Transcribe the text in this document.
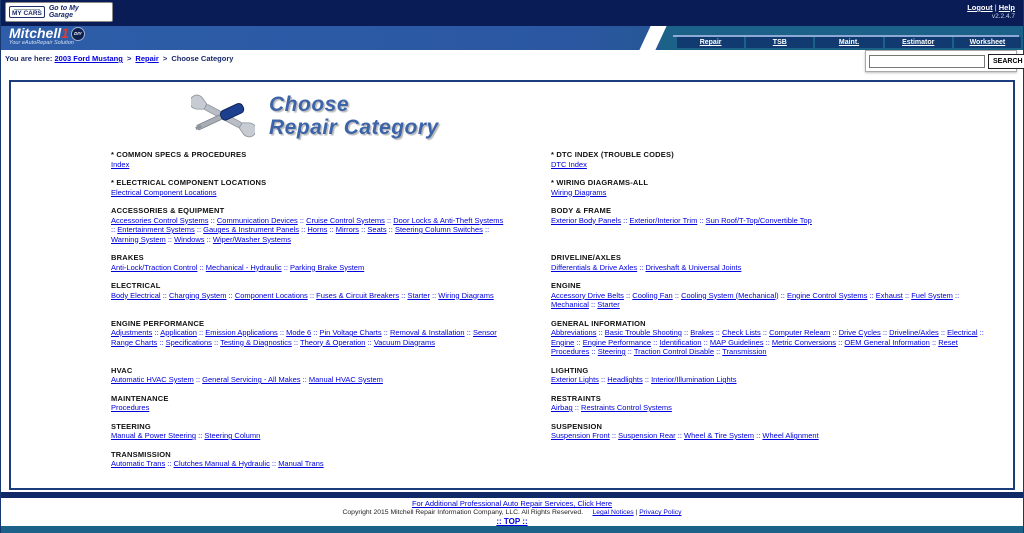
MY CARS
Go to My Garage
Logout | Help
v2.2.4.7
Mitchell1 DIY
Your eAutoRepair Solution	Repair	TSB	Maint.	Estimator	Worksheet
You are here: 2003 Ford Mustang > Repair > Choose Category	SEARCH
Choose
Repair Category
* COMMON SPECS & PROCEDURES
Index
* DTC INDEX (TROUBLE CODES)
DTC Index
* ELECTRICAL COMPONENT LOCATIONS
Electrical Component Locations
* WIRING DIAGRAMS-ALL
Wiring Diagrams
ACCESSORIES & EQUIPMENT
Accessories Control Systems :: Communication Devices :: Cruise Control Systems :: Door Locks & Anti-Theft Systems :: Entertainment Systems :: Gauges & Instrument Panels :: Horns :: Mirrors :: Seats :: Steering Column Switches :: Warning System :: Windows :: Wiper/Washer Systems
BODY & FRAME
Exterior Body Panels :: Exterior/Interior Trim :: Sun Roof/T-Top/Convertible Top
BRAKES
Anti-Lock/Traction Control :: Mechanical - Hydraulic :: Parking Brake System
DRIVELINE/AXLES
Differentials & Drive Axles :: Driveshaft & Universal Joints
ELECTRICAL
Body Electrical :: Charging System :: Component Locations :: Fuses & Circuit Breakers :: Starter :: Wiring Diagrams
ENGINE
Accessory Drive Belts :: Cooling Fan :: Cooling System (Mechanical) :: Engine Control Systems :: Exhaust :: Fuel System :: Mechanical :: Starter
ENGINE PERFORMANCE
Adjustments :: Application :: Emission Applications :: Mode 6 :: Pin Voltage Charts :: Removal & Installation :: Sensor Range Charts :: Specifications :: Testing & Diagnostics :: Theory & Operation :: Vacuum Diagrams
GENERAL INFORMATION
Abbreviations :: Basic Trouble Shooting :: Brakes :: Check Lists :: Computer Relearn :: Drive Cycles :: Driveline/Axles :: Electrical :: Engine :: Engine Performance :: Identification :: MAP Guidelines :: Metric Conversions :: OEM General Information :: Reset Procedures :: Steering :: Traction Control Disable :: Transmission
HVAC
Automatic HVAC System :: General Servicing - All Makes :: Manual HVAC System
LIGHTING
Exterior Lights :: Headlights :: Interior/Illumination Lights
MAINTENANCE
Procedures
RESTRAINTS
Airbag :: Restraints Control Systems
STEERING
Manual & Power Steering :: Steering Column
SUSPENSION
Suspension Front :: Suspension Rear :: Wheel & Tire System :: Wheel Alignment
TRANSMISSION
Automatic Trans :: Clutches Manual & Hydraulic :: Manual Trans
For Additional Professional Auto Repair Services, Click Here
Copyright 2015 Mitchell Repair Information Company, LLC. All Rights Reserved. Legal Notices | Privacy Policy
:: TOP ::
